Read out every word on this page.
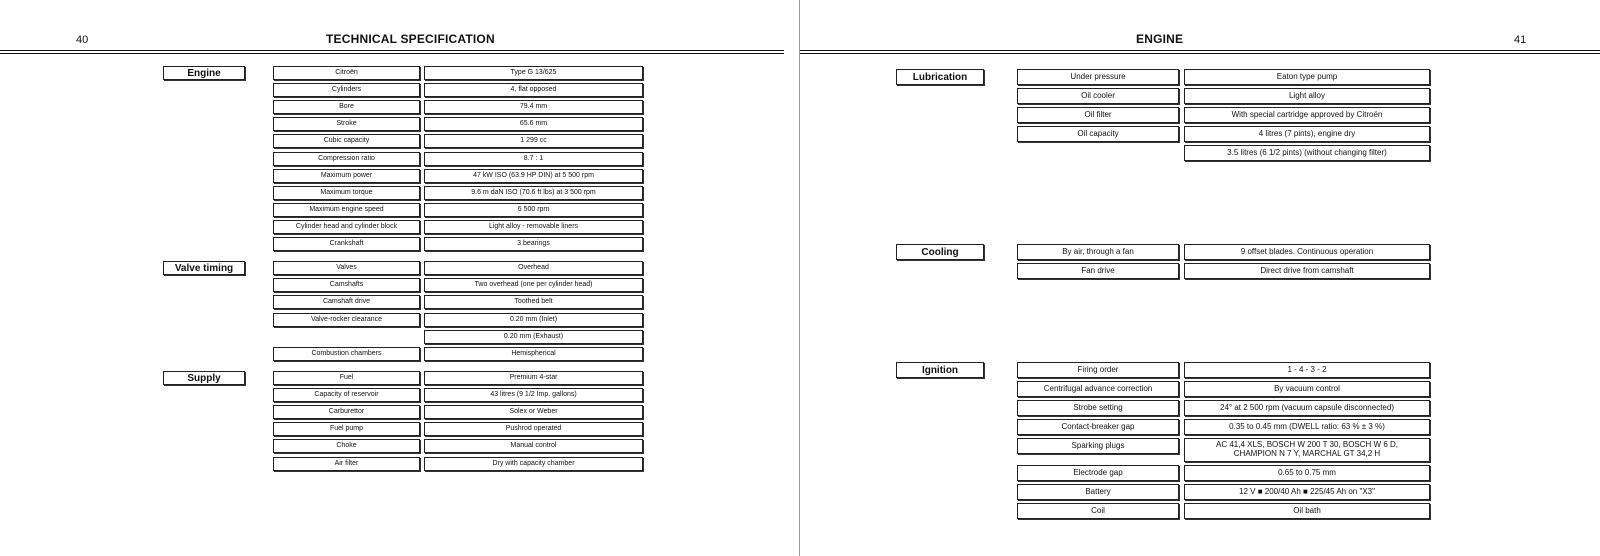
40	TECHNICAL SPECIFICATION
Engine	Citroën	Type G 13/625
Cylinders	4, flat opposed
Bore	79.4 mm
Stroke	65.6 mm
Cubic capacity	1 299 cc
Compression ratio	8.7 : 1
Maximum power	47 kW ISO (63.9 HP DIN) at 5 500 rpm
Maximum torque	9.6 m daN ISO (70.6 ft lbs) at 3 500 rpm
Maximum engine speed	6 500 rpm
Cylinder head and cylinder block	Light alloy - removable liners
Crankshaft	3 bearings
Valve timing	Valves	Overhead
Camshafts	Two overhead (one per cylinder head)
Camshaft drive	Toothed belt
Valve-rocker clearance	0.20 mm (Inlet)
0.20 mm (Exhaust)
Combustion chambers	Hemispherical
Supply	Fuel	Premium 4-star
Capacity of reservoir	43 litres (9 1/2 Imp. gallons)
Carburettor	Solex or Weber
Fuel pump	Pushrod operated
Choke	Manual control
Air filter	Dry with capacity chamber
ENGINE	41
Lubrication	Under pressure	Eaton type pump
Oil cooler	Light alloy
Oil filter	With special cartridge approved by Citroën
Oil capacity	4 litres (7 pints), engine dry
3.5 litres (6 1/2 pints) (without changing filter)
Cooling	By air, through a fan	9 offset blades. Continuous operation
Fan drive	Direct drive from camshaft
Ignition	Firing order	1 - 4 - 3 - 2
Centrifugal advance correction	By vacuum control
Strobe setting	24° at 2 500 rpm (vacuum capsule disconnected)
Contact-breaker gap	0.35 to 0.45 mm (DWELL ratio: 63 % ± 3 %)
Sparking plugs	AC 41,4 XLS, BOSCH W 200 T 30, BOSCH W 6 D, CHAMPION N 7 Y, MARCHAL GT 34,2 H
Electrode gap	0.65 to 0.75 mm
Battery	12 V ■ 200/40 Ah ■ 225/45 Ah on "X3"
Coil	Oil bath
